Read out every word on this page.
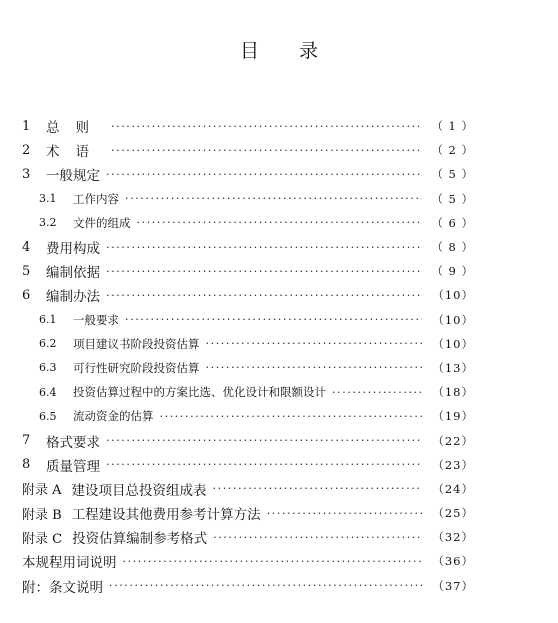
目 录
1	总则 ·····	（ 1 ）
2	术语 ·····	（ 2 ）
3	一般规定 ·····	（ 5 ）
3.1	工作内容 ·····	（ 5 ）
3.2	文件的组成 ·····	（ 6 ）
4	费用构成 ·····	（ 8 ）
5	编制依据 ·····	（ 9 ）
6	编制办法 ·····	（10）
6.1	一般要求 ·····	（10）
6.2	项目建议书阶段投资估算 ·····	（10）
6.3	可行性研究阶段投资估算 ·····	（13）
6.4	投资估算过程中的方案比选、优化设计和限额设计 ·····	（18）
6.5	流动资金的估算 ·····	（19）
7	格式要求 ·····	（22）
8	质量管理 ·····	（23）
附录 A 建设项目总投资组成表 ·····	（24）
附录 B 工程建设其他费用参考计算方法 ·····	（25）
附录 C 投资估算编制参考格式 ·····	（32）
本规程用词说明 ·····	（36）
附：条文说明 ·····	（37）
